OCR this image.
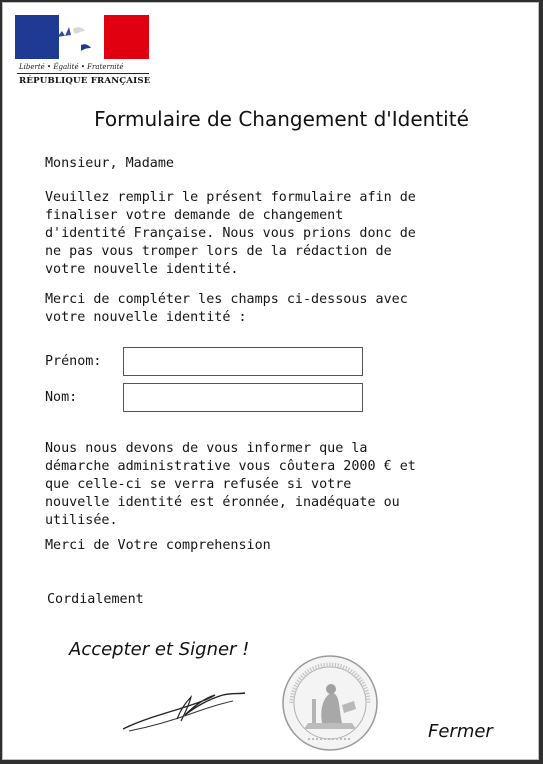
Liberté • Égalité • Fraternité
RÉPUBLIQUE FRANÇAISE
Formulaire de Changement d'Identité
Monsieur, Madame
Veuillez remplir le présent formulaire afin de
finaliser votre demande de changement
d'identité Française. Nous vous prions donc de
ne pas vous tromper lors de la rédaction de
votre nouvelle identité.
Merci de compléter les champs ci-dessous avec
votre nouvelle identité :
Prénom:
Nom:
Nous nous devons de vous informer que la
démarche administrative vous côutera 2000 € et
que celle-ci se verra refusée si votre
nouvelle identité est éronnée, inadéquate ou
utilisée.
Merci de Votre comprehension
Cordialement
Accepter et Signer !
Fermer
